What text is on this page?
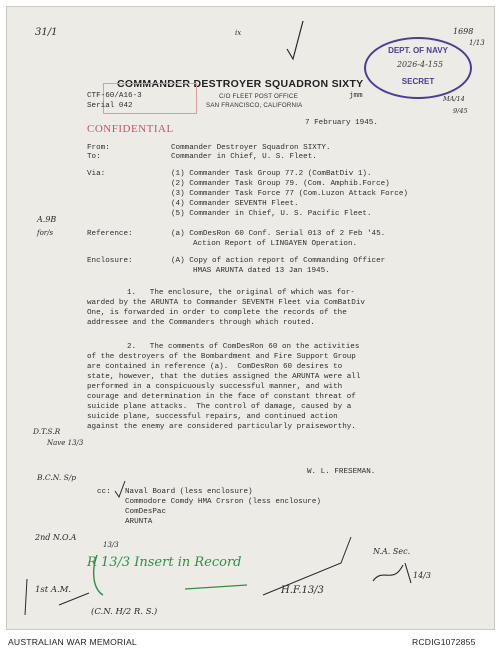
31/1	ix	1698
1/13
DEPT. OF NAVY
2026-4-155
SECRET
MA/14
9/45
COMMANDER DESTROYER SQUADRON SIXTY
C/O FLEET POST OFFICE
SAN FRANCISCO, CALIFORNIA
CTF-60/A16-3
Serial 042
jmm
CONFIDENTIAL	7 February 1945.
From:	Commander Destroyer Squadron SIXTY.
To:	Commander in Chief, U. S. Fleet.
Via:	(1) Commander Task Group 77.2 (ComBatDiv 1).
(2) Commander Task Group 79. (Com. Amphib.Force)
(3) Commander Task Force 77 (Com.Luzon Attack Force)
(4) Commander SEVENTH Fleet.
(5) Commander in Chief, U. S. Pacific Fleet.
A.9B
for/s	Reference:	(a) ComDesRon 60 Conf. Serial 013 of 2 Feb '45.
Action Report of LINGAYEN Operation.
Enclosure:	(A) Copy of action report of Commanding Officer
HMAS ARUNTA dated 13 Jan 1945.
1.   The enclosure, the original of which was for-
warded by the ARUNTA to Commander SEVENTH Fleet via ComBatDiv
One, is forwarded in order to complete the records of the
addressee and the Commanders through which routed.
2.   The comments of ComDesRon 60 on the activities
of the destroyers of the Bombardment and Fire Support Group
are contained in reference (a).  ComDesRon 60 desires to
state, however, that the duties assigned the ARUNTA were all
performed in a conspicuously successful manner, and with
courage and determination in the face of constant threat of
suicide plane attacks.  The control of damage, caused by a
suicide plane, successful repairs, and continued action
against the enemy are considered particularly praiseworthy.
D.T.S.R
Nave 13/3
B.C.N. S/p
W. L. FRESEMAN.
cc: Naval Board (less enclosure)
Commodore Comdy HMA Crsron (less enclosure)
ComDesPac
ARUNTA
2nd N.O.A
13/3
1st A.M.
(C.N. H/2 R. S.)
R 13/3 Insert in Record
H.F.13/3
N.A. Sec.
14/3
AUSTRALIAN WAR MEMORIAL	RCDIG1072855
